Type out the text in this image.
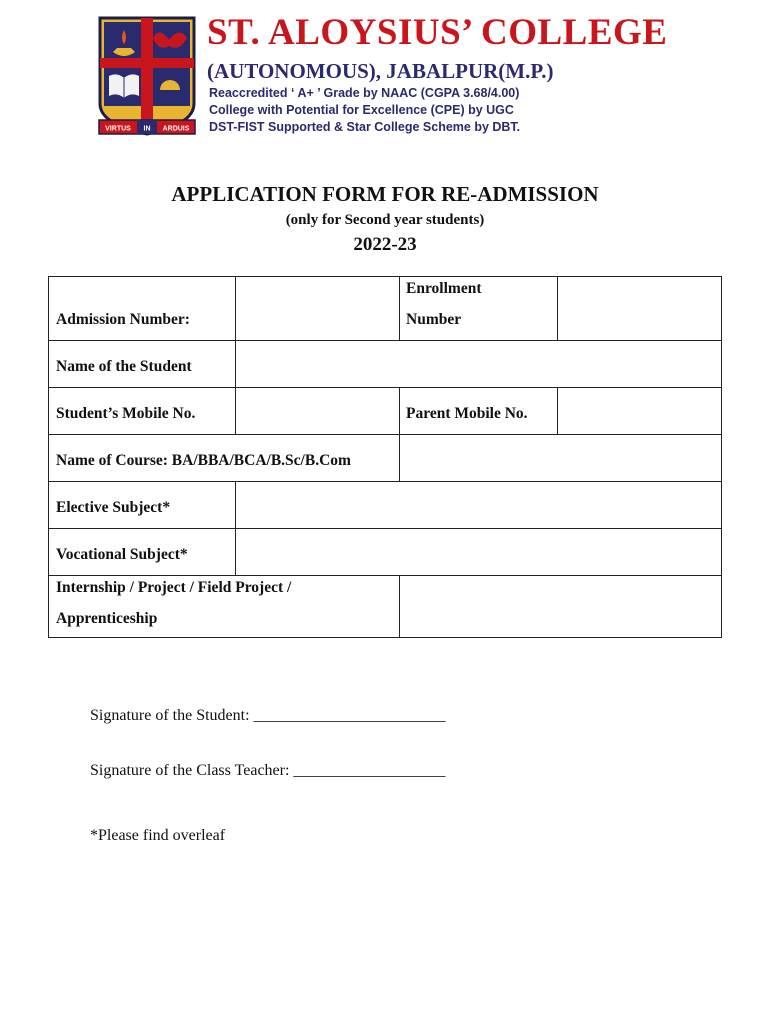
VIRTUS IN ARDUIS
ST. ALOYSIUS’ COLLEGE
(AUTONOMOUS), JABALPUR(M.P.)
Reaccredited ‘ A+ ’ Grade by NAAC (CGPA 3.68/4.00)
College with Potential for Excellence (CPE) by UGC
DST-FIST Supported & Star College Scheme by DBT.
APPLICATION FORM FOR RE-ADMISSION
(only for Second year students)
2022-23
Admission Number:
Enrollment
Number
Name of the Student
Student’s Mobile No.	Parent Mobile No.
Name of Course: BA/BBA/BCA/B.Sc/B.Com
Elective Subject*
Vocational Subject*
Internship / Project / Field Project /
Apprenticeship
Signature of the Student: ________________________
Signature of the Class Teacher: ___________________
*Please find overleaf
